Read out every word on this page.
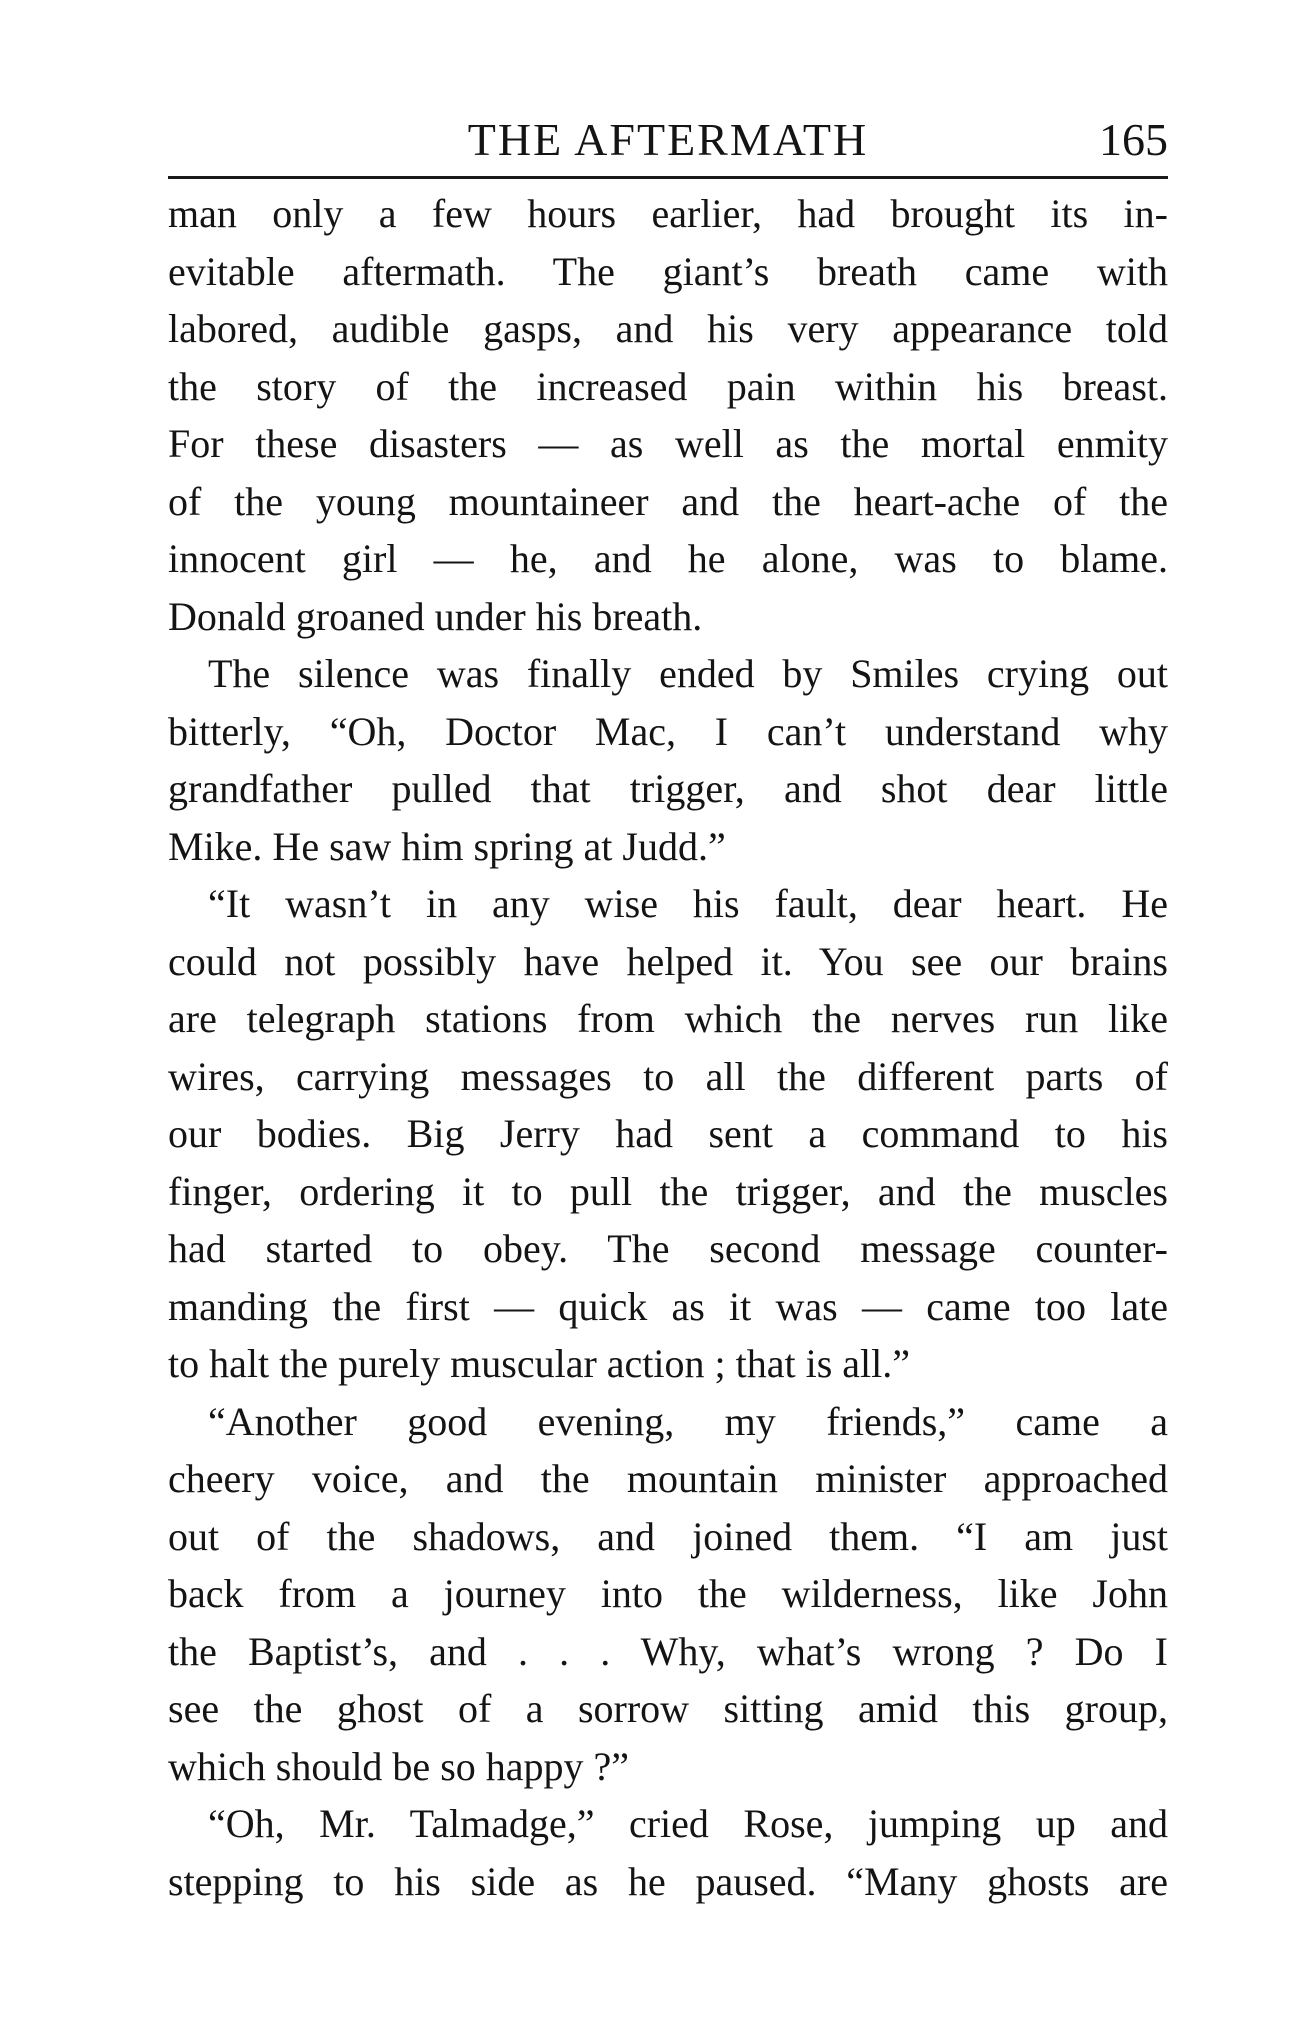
THE AFTERMATH	165
man only a few hours earlier, had brought its in-
evitable aftermath. The giant’s breath came with
labored, audible gasps, and his very appearance told
the story of the increased pain within his breast.
For these disasters — as well as the mortal enmity
of the young mountaineer and the heart-ache of the
innocent girl — he, and he alone, was to blame.
Donald groaned under his breath.
The silence was finally ended by Smiles crying out
bitterly, “Oh, Doctor Mac, I can’t understand why
grandfather pulled that trigger, and shot dear little
Mike. He saw him spring at Judd.”
“It wasn’t in any wise his fault, dear heart. He
could not possibly have helped it. You see our brains
are telegraph stations from which the nerves run like
wires, carrying messages to all the different parts of
our bodies. Big Jerry had sent a command to his
finger, ordering it to pull the trigger, and the muscles
had started to obey. The second message counter-
manding the first — quick as it was — came too late
to halt the purely muscular action ; that is all.”
“Another good evening, my friends,” came a
cheery voice, and the mountain minister approached
out of the shadows, and joined them. “I am just
back from a journey into the wilderness, like John
the Baptist’s, and . . . Why, what’s wrong ? Do I
see the ghost of a sorrow sitting amid this group,
which should be so happy ?”
“Oh, Mr. Talmadge,” cried Rose, jumping up and
stepping to his side as he paused. “Many ghosts are
